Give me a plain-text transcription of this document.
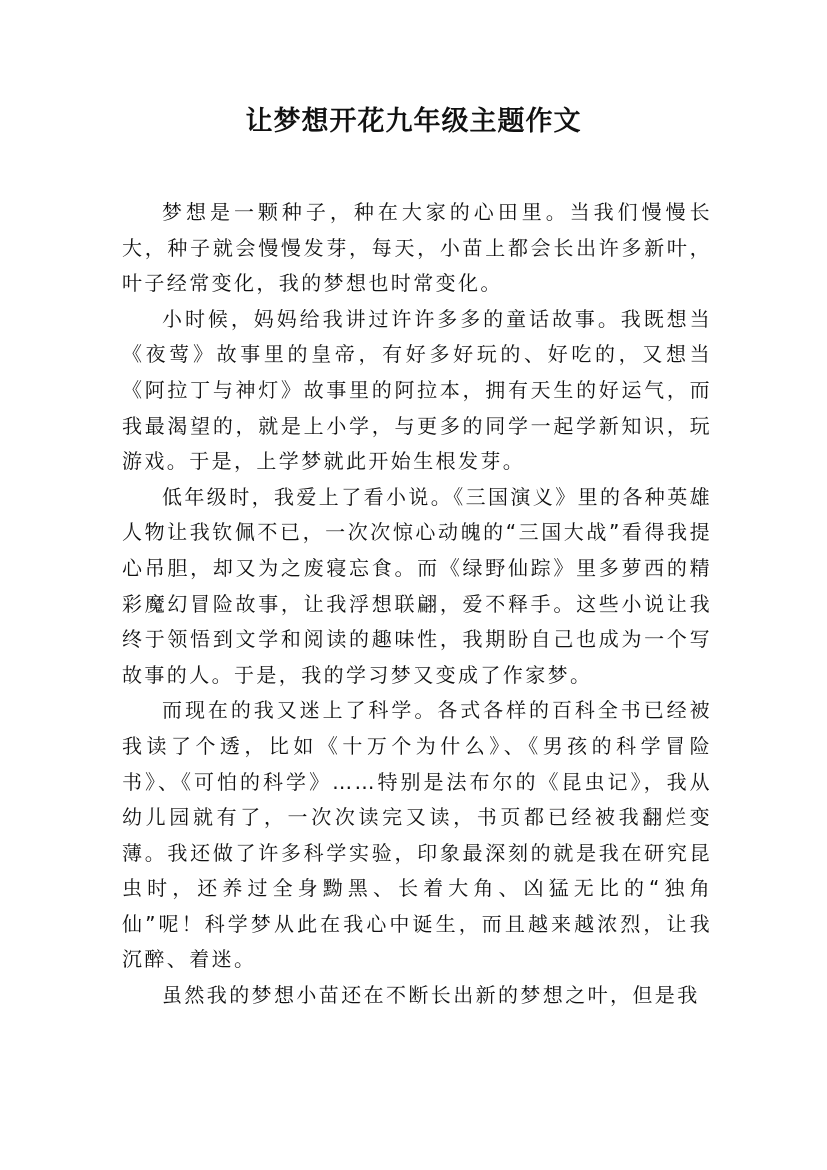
让梦想开花九年级主题作文

梦想是一颗种子，种在大家的心田里。当我们慢慢长大，种子就会慢慢发芽，每天，小苗上都会长出许多新叶，叶子经常变化，我的梦想也时常变化。

小时候，妈妈给我讲过许许多多的童话故事。我既想当《夜莺》故事里的皇帝，有好多好玩的、好吃的，又想当《阿拉丁与神灯》故事里的阿拉本，拥有天生的好运气，而我最渴望的，就是上小学，与更多的同学一起学新知识，玩游戏。于是，上学梦就此开始生根发芽。

低年级时，我爱上了看小说。《三国演义》里的各种英雄人物让我钦佩不已，一次次惊心动魄的“三国大战”看得我提心吊胆，却又为之废寝忘食。而《绿野仙踪》里多萝西的精彩魔幻冒险故事，让我浮想联翩，爱不释手。这些小说让我终于领悟到文学和阅读的趣味性，我期盼自己也成为一个写故事的人。于是，我的学习梦又变成了作家梦。

而现在的我又迷上了科学。各式各样的百科全书已经被我读了个透，比如《十万个为什么》、《男孩的科学冒险书》、《可怕的科学》……特别是法布尔的《昆虫记》，我从幼儿园就有了，一次次读完又读，书页都已经被我翻烂变薄。我还做了许多科学实验，印象最深刻的就是我在研究昆虫时，还养过全身黝黑、长着大角、凶猛无比的“独角仙”呢！科学梦从此在我心中诞生，而且越来越浓烈，让我沉醉、着迷。

虽然我的梦想小苗还在不断长出新的梦想之叶，但是我
